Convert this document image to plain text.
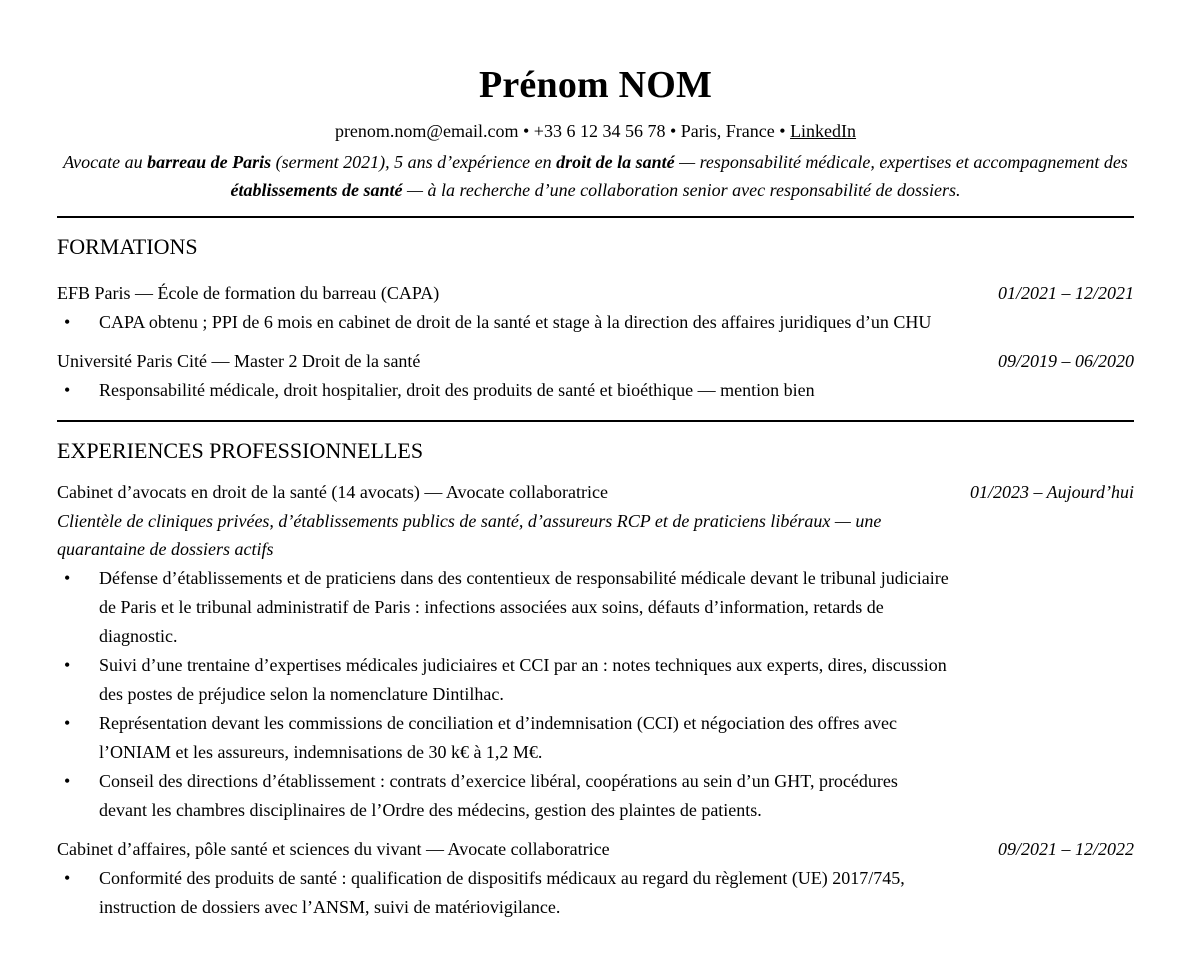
Prénom NOM
prenom.nom@email.com • +33 6 12 34 56 78 • Paris, France • LinkedIn
Avocate au barreau de Paris (serment 2021), 5 ans d’expérience en droit de la santé — responsabilité médicale, expertises et accompagnement des établissements de santé — à la recherche d’une collaboration senior avec responsabilité de dossiers.
FORMATIONS
EFB Paris — École de formation du barreau (CAPA)	01/2021 – 12/2021
• CAPA obtenu ; PPI de 6 mois en cabinet de droit de la santé et stage à la direction des affaires juridiques d’un CHU
Université Paris Cité — Master 2 Droit de la santé	09/2019 – 06/2020
• Responsabilité médicale, droit hospitalier, droit des produits de santé et bioéthique — mention bien
EXPERIENCES PROFESSIONNELLES
Cabinet d’avocats en droit de la santé (14 avocats) — Avocate collaboratrice	01/2023 – Aujourd’hui
Clientèle de cliniques privées, d’établissements publics de santé, d’assureurs RCP et de praticiens libéraux — une quarantaine de dossiers actifs
• Défense d’établissements et de praticiens dans des contentieux de responsabilité médicale devant le tribunal judiciaire de Paris et le tribunal administratif de Paris : infections associées aux soins, défauts d’information, retards de diagnostic.
• Suivi d’une trentaine d’expertises médicales judiciaires et CCI par an : notes techniques aux experts, dires, discussion des postes de préjudice selon la nomenclature Dintilhac.
• Représentation devant les commissions de conciliation et d’indemnisation (CCI) et négociation des offres avec l’ONIAM et les assureurs, indemnisations de 30 k€ à 1,2 M€.
• Conseil des directions d’établissement : contrats d’exercice libéral, coopérations au sein d’un GHT, procédures devant les chambres disciplinaires de l’Ordre des médecins, gestion des plaintes de patients.
Cabinet d’affaires, pôle santé et sciences du vivant — Avocate collaboratrice	09/2021 – 12/2022
• Conformité des produits de santé : qualification de dispositifs médicaux au regard du règlement (UE) 2017/745, instruction de dossiers avec l’ANSM, suivi de matériovigilance.
